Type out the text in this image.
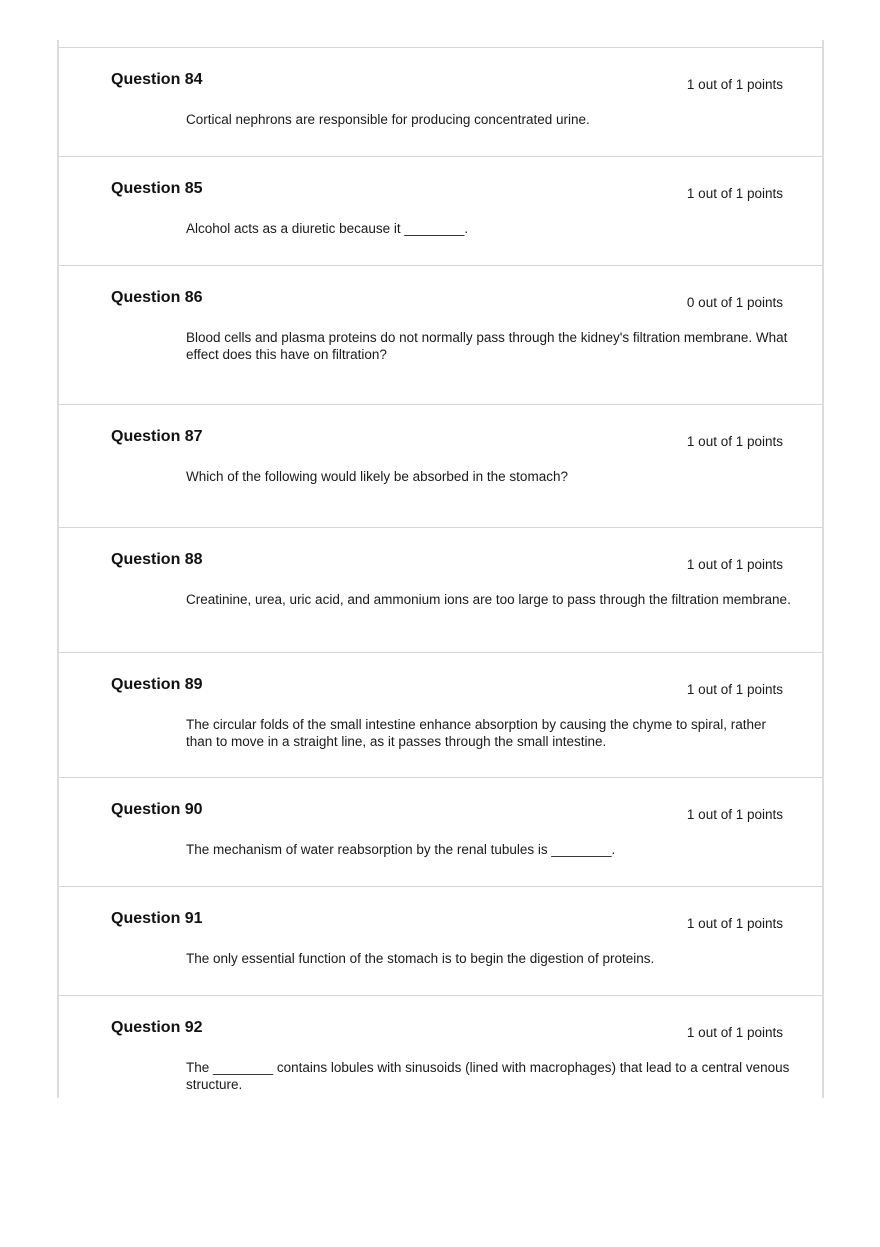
Question 84	1 out of 1 points
Cortical nephrons are responsible for producing concentrated urine.
Question 85	1 out of 1 points
Alcohol acts as a diuretic because it ________.
Question 86	0 out of 1 points
Blood cells and plasma proteins do not normally pass through the kidney's filtration membrane. What effect does this have on filtration?
Question 87	1 out of 1 points
Which of the following would likely be absorbed in the stomach?
Question 88	1 out of 1 points
Creatinine, urea, uric acid, and ammonium ions are too large to pass through the filtration membrane.
Question 89	1 out of 1 points
The circular folds of the small intestine enhance absorption by causing the chyme to spiral, rather than to move in a straight line, as it passes through the small intestine.
Question 90	1 out of 1 points
The mechanism of water reabsorption by the renal tubules is ________.
Question 91	1 out of 1 points
The only essential function of the stomach is to begin the digestion of proteins.
Question 92	1 out of 1 points
The ________ contains lobules with sinusoids (lined with macrophages) that lead to a central venous structure.
